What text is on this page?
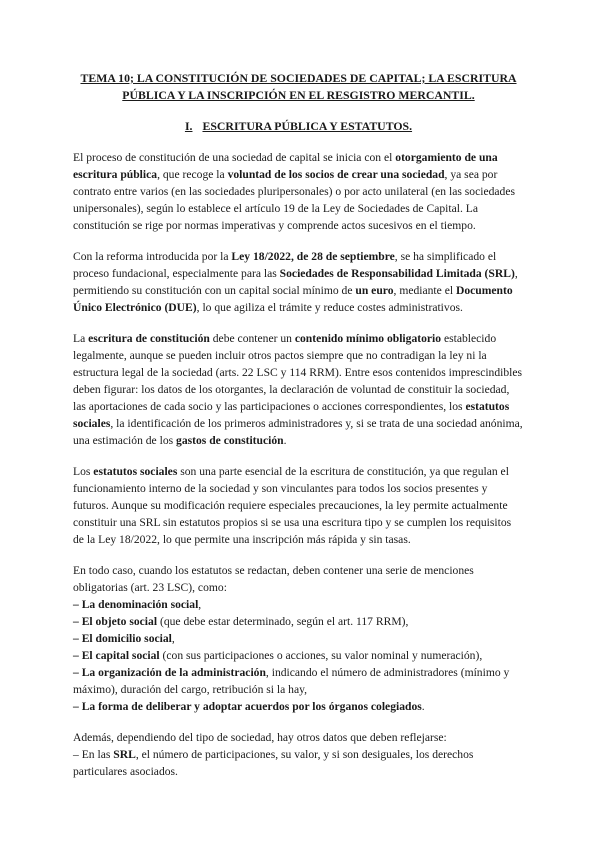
TEMA 10; LA CONSTITUCIÓN DE SOCIEDADES DE CAPITAL; LA ESCRITURA
PÚBLICA Y LA INSCRIPCIÓN EN EL RESGISTRO MERCANTIL.
I. ESCRITURA PÚBLICA Y ESTATUTOS.

El proceso de constitución de una sociedad de capital se inicia con el otorgamiento de una escritura pública, que recoge la voluntad de los socios de crear una sociedad, ya sea por contrato entre varios (en las sociedades pluripersonales) o por acto unilateral (en las sociedades unipersonales), según lo establece el artículo 19 de la Ley de Sociedades de Capital. La constitución se rige por normas imperativas y comprende actos sucesivos en el tiempo.

Con la reforma introducida por la Ley 18/2022, de 28 de septiembre, se ha simplificado el proceso fundacional, especialmente para las Sociedades de Responsabilidad Limitada (SRL), permitiendo su constitución con un capital social mínimo de un euro, mediante el Documento Único Electrónico (DUE), lo que agiliza el trámite y reduce costes administrativos.

La escritura de constitución debe contener un contenido mínimo obligatorio establecido legalmente, aunque se pueden incluir otros pactos siempre que no contradigan la ley ni la estructura legal de la sociedad (arts. 22 LSC y 114 RRM). Entre esos contenidos imprescindibles deben figurar: los datos de los otorgantes, la declaración de voluntad de constituir la sociedad, las aportaciones de cada socio y las participaciones o acciones correspondientes, los estatutos sociales, la identificación de los primeros administradores y, si se trata de una sociedad anónima, una estimación de los gastos de constitución.

Los estatutos sociales son una parte esencial de la escritura de constitución, ya que regulan el funcionamiento interno de la sociedad y son vinculantes para todos los socios presentes y futuros. Aunque su modificación requiere especiales precauciones, la ley permite actualmente constituir una SRL sin estatutos propios si se usa una escritura tipo y se cumplen los requisitos de la Ley 18/2022, lo que permite una inscripción más rápida y sin tasas.

En todo caso, cuando los estatutos se redactan, deben contener una serie de menciones obligatorias (art. 23 LSC), como:

– La denominación social,
– El objeto social (que debe estar determinado, según el art. 117 RRM),
– El domicilio social,
– El capital social (con sus participaciones o acciones, su valor nominal y numeración),
– La organización de la administración, indicando el número de administradores (mínimo y máximo), duración del cargo, retribución si la hay,
– La forma de deliberar y adoptar acuerdos por los órganos colegiados.

Además, dependiendo del tipo de sociedad, hay otros datos que deben reflejarse:

– En las SRL, el número de participaciones, su valor, y si son desiguales, los derechos particulares asociados.
